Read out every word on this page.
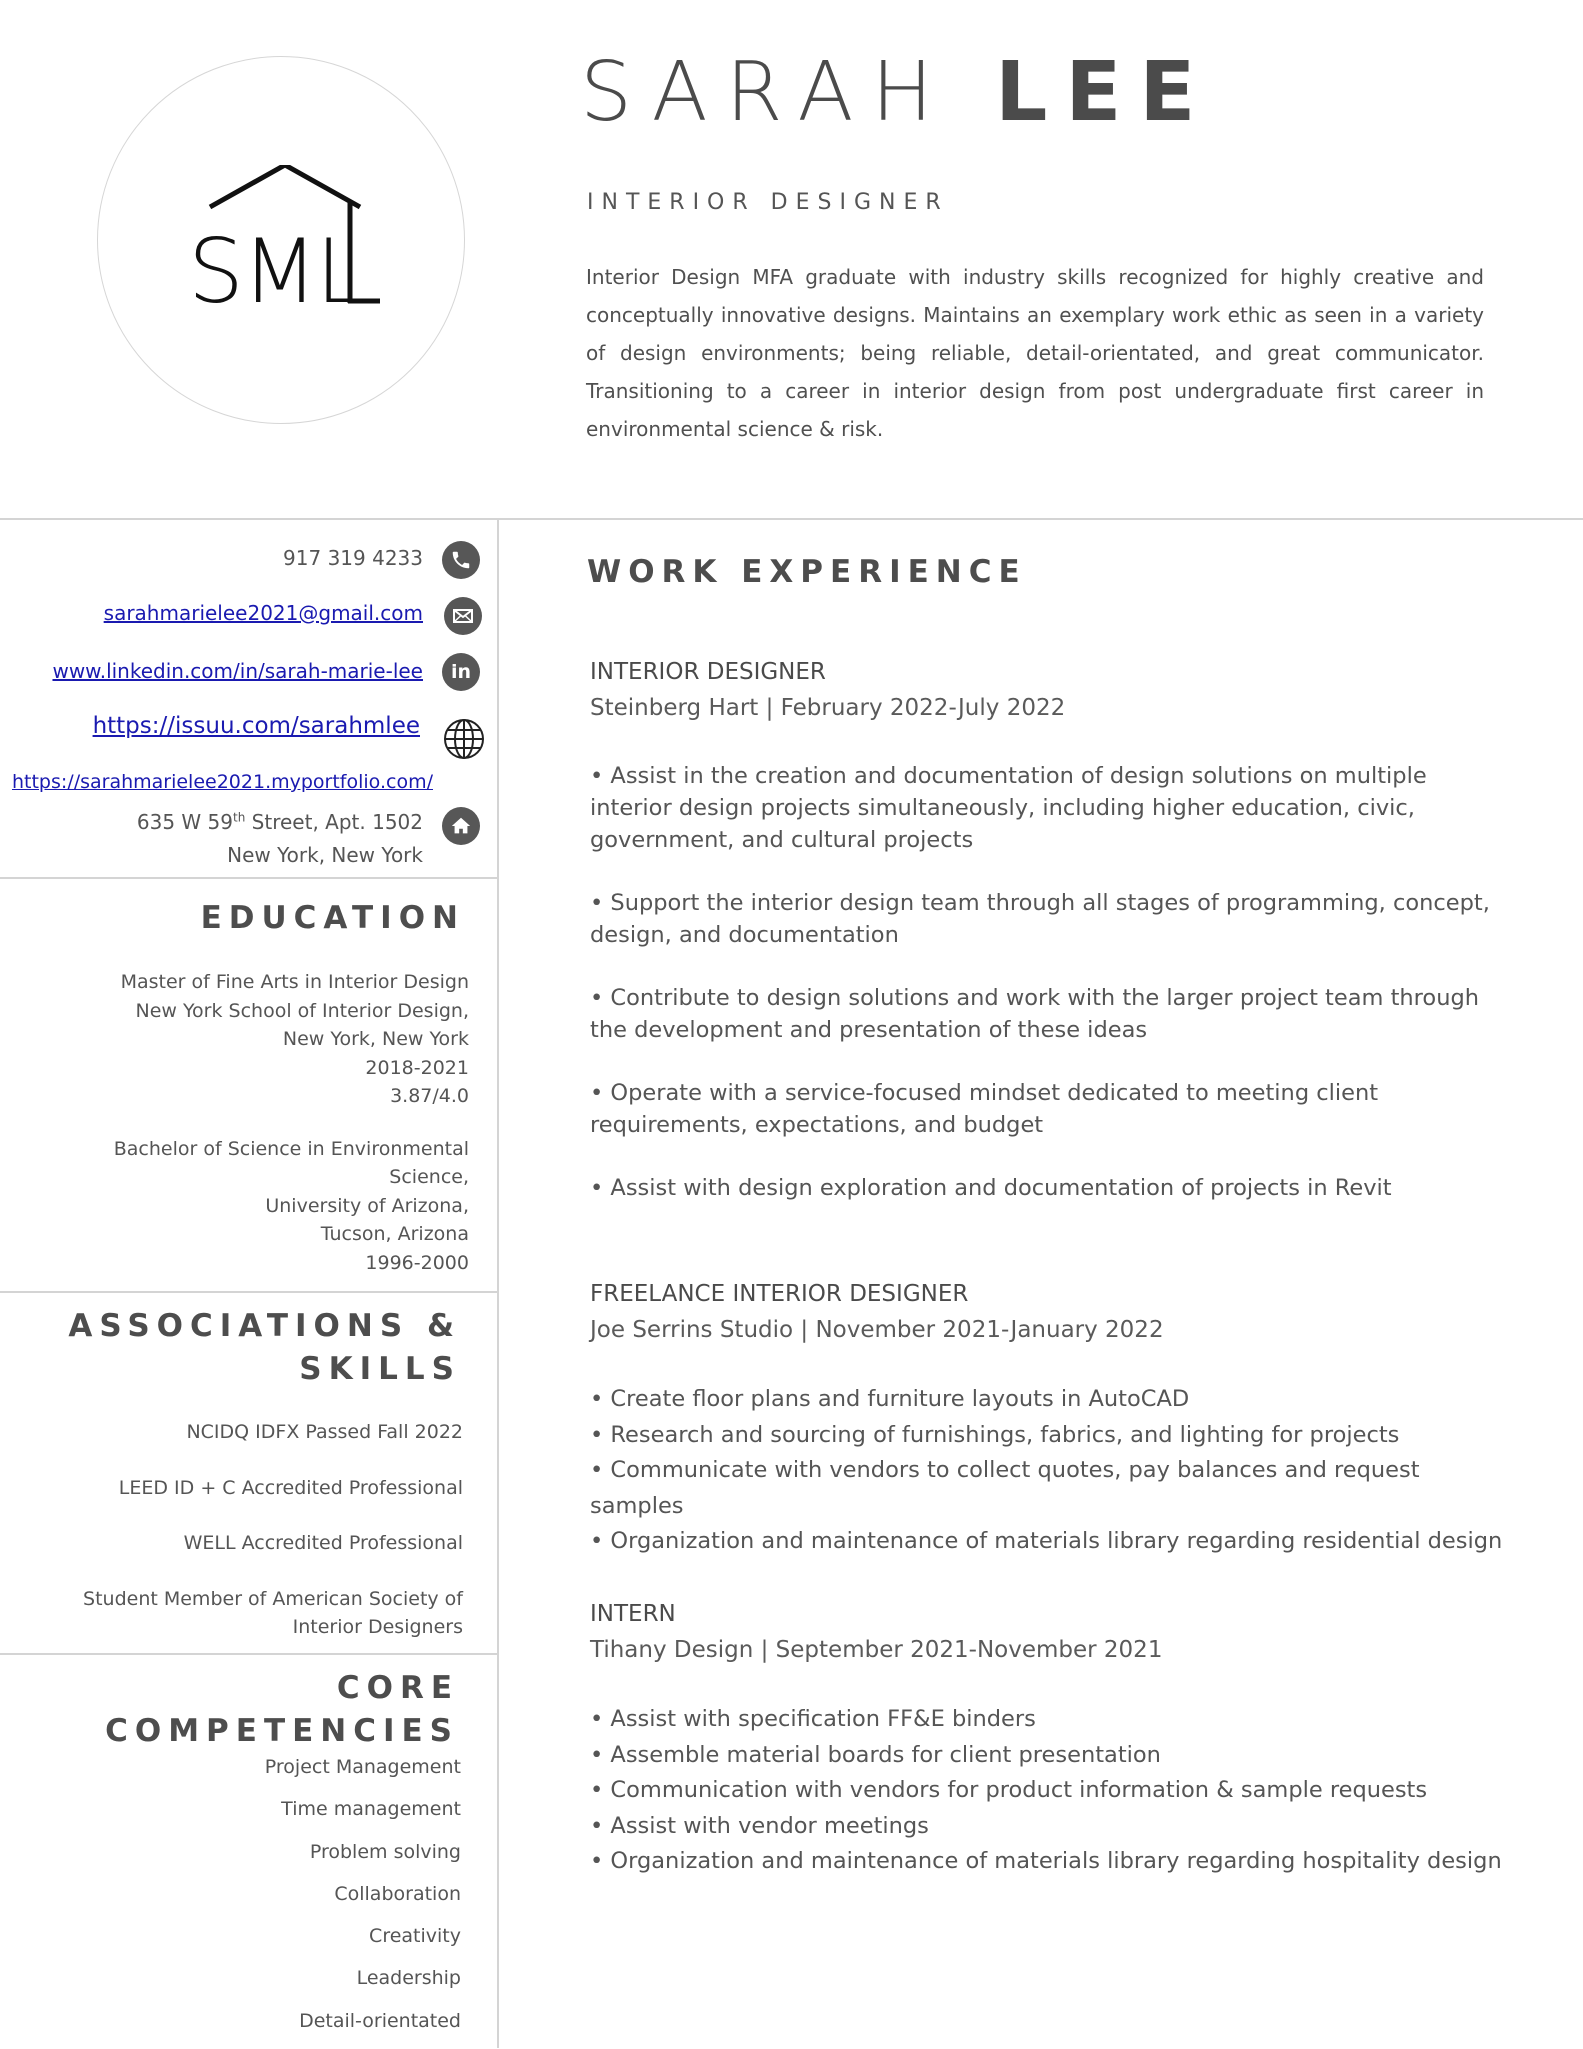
SML
SARAH LEE
INTERIOR DESIGNER
Interior Design MFA graduate with industry skills recognized for highly creative and conceptually innovative designs. Maintains an exemplary work ethic as seen in a variety of design environments; being reliable, detail-orientated, and great communicator. Transitioning to a career in interior design from post undergraduate first career in environmental science & risk.
917 319 4233
sarahmarielee2021@gmail.com
www.linkedin.com/in/sarah-marie-lee in
https://issuu.com/sarahmlee
https://sarahmarielee2021.myportfolio.com/
635 W 59th Street, Apt. 1502
New York, New York
EDUCATION
Master of Fine Arts in Interior Design
New York School of Interior Design,
New York, New York
2018-2021
3.87/4.0
Bachelor of Science in Environmental
Science,
University of Arizona,
Tucson, Arizona
1996-2000
ASSOCIATIONS &
SKILLS
NCIDQ IDFX Passed Fall 2022
LEED ID + C Accredited Professional
WELL Accredited Professional
Student Member of American Society of
Interior Designers
CORE
COMPETENCIES
Project Management
Time management
Problem solving
Collaboration
Creativity
Leadership
Detail-orientated
WORK EXPERIENCE
INTERIOR DESIGNER
Steinberg Hart | February 2022-July 2022
• Assist in the creation and documentation of design solutions on multiple interior design projects simultaneously, including higher education, civic, government, and cultural projects
• Support the interior design team through all stages of programming, concept, design, and documentation
• Contribute to design solutions and work with the larger project team through the development and presentation of these ideas
• Operate with a service-focused mindset dedicated to meeting client requirements, expectations, and budget
• Assist with design exploration and documentation of projects in Revit
FREELANCE INTERIOR DESIGNER
Joe Serrins Studio | November 2021-January 2022
• Create floor plans and furniture layouts in AutoCAD
• Research and sourcing of furnishings, fabrics, and lighting for projects
• Communicate with vendors to collect quotes, pay balances and request samples
• Organization and maintenance of materials library regarding residential design
INTERN
Tihany Design | September 2021-November 2021
• Assist with specification FF&E binders
• Assemble material boards for client presentation
• Communication with vendors for product information & sample requests
• Assist with vendor meetings
• Organization and maintenance of materials library regarding hospitality design
